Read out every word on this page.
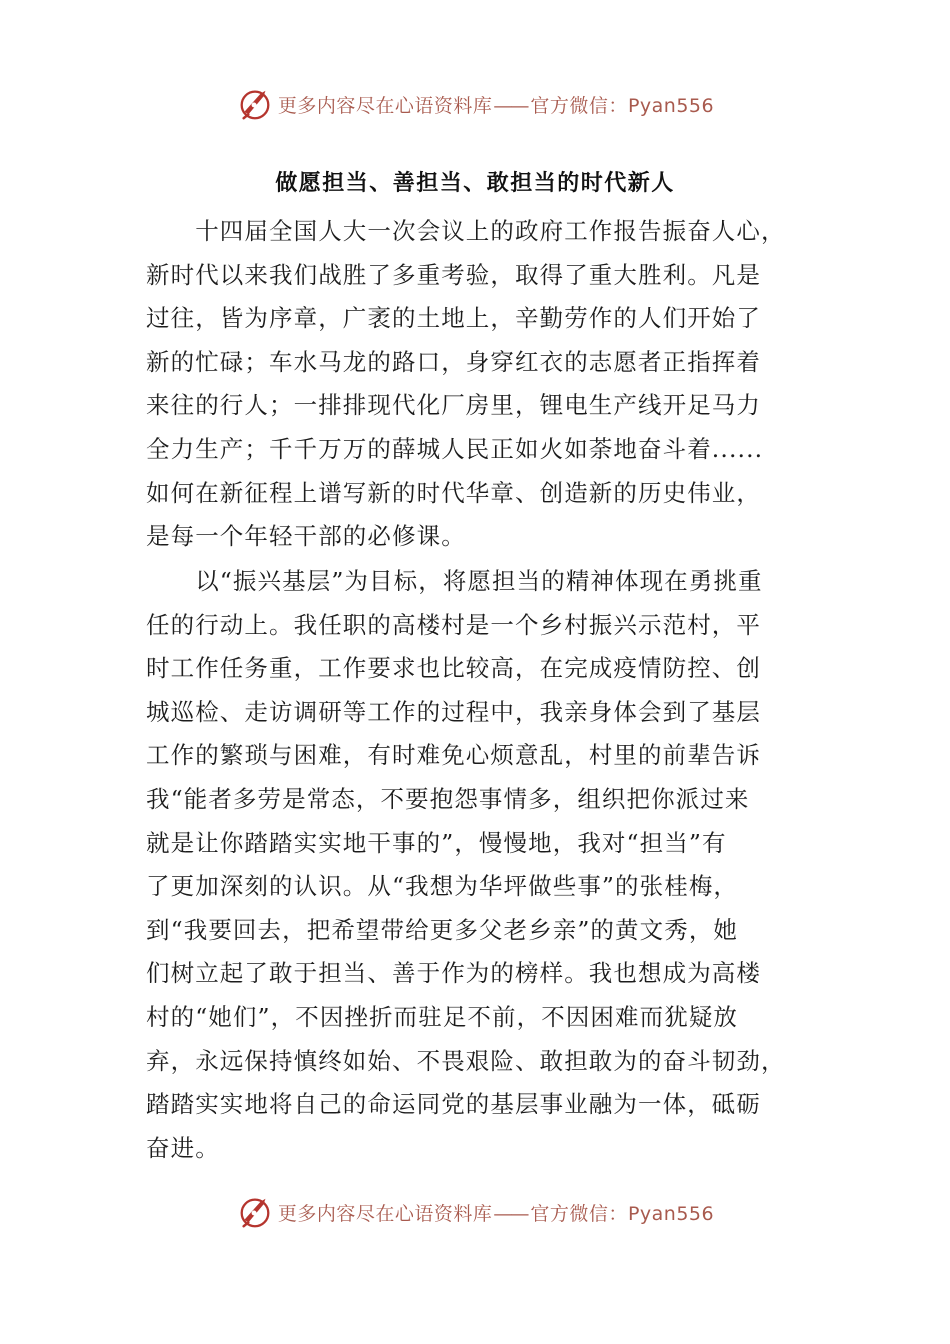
更多内容尽在心语资料库—— 官方微信：Pyan556
做愿担当、善担当、敢担当的时代新人
　　十四届全国人大一次会议上的政府工作报告振奋人心，
新时代以来我们战胜了多重考验，取得了重大胜利。凡是
过往，皆为序章，广袤的土地上，辛勤劳作的人们开始了
新的忙碌；车水马龙的路口，身穿红衣的志愿者正指挥着
来往的行人；一排排现代化厂房里，锂电生产线开足马力
全力生产；千千万万的薛城人民正如火如荼地奋斗着......
如何在新征程上谱写新的时代华章、创造新的历史伟业，
是每一个年轻干部的必修课。
　　以“振兴基层”为目标，将愿担当的精神体现在勇挑重
任的行动上。我任职的高楼村是一个乡村振兴示范村，平
时工作任务重，工作要求也比较高，在完成疫情防控、创
城巡检、走访调研等工作的过程中，我亲身体会到了基层
工作的繁琐与困难，有时难免心烦意乱，村里的前辈告诉
我“能者多劳是常态，不要抱怨事情多，组织把你派过来
就是让你踏踏实实地干事的”，慢慢地，我对“担当”有
了更加深刻的认识。从“我想为华坪做些事”的张桂梅，
到“我要回去，把希望带给更多父老乡亲”的黄文秀，她
们树立起了敢于担当、善于作为的榜样。我也想成为高楼
村的“她们”，不因挫折而驻足不前，不因困难而犹疑放
弃，永远保持慎终如始、不畏艰险、敢担敢为的奋斗韧劲，
踏踏实实地将自己的命运同党的基层事业融为一体，砥砺
奋进。
更多内容尽在心语资料库—— 官方微信：Pyan556
